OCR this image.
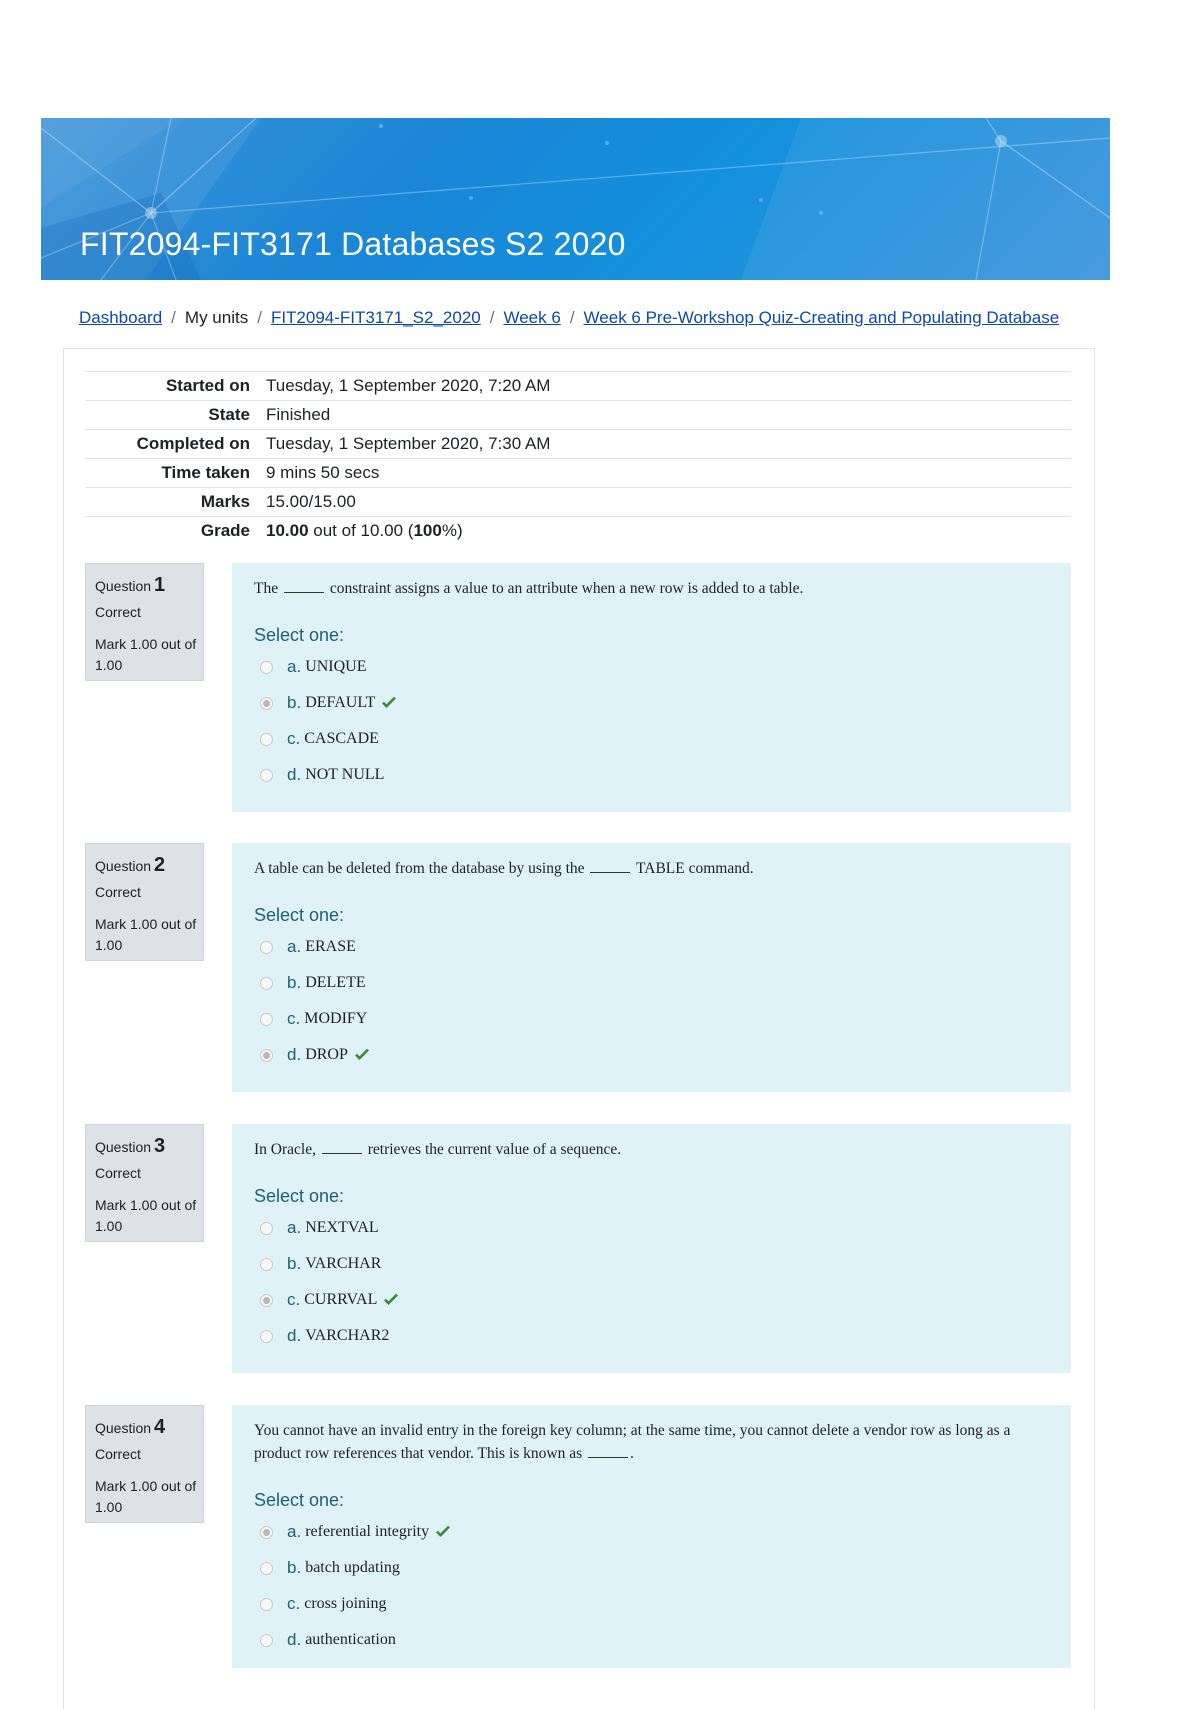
FIT2094-FIT3171 Databases S2 2020
Dashboard / My units / FIT2094-FIT3171_S2_2020 / Week 6 / Week 6 Pre-Workshop Quiz-Creating and Populating Database
Started on	Tuesday, 1 September 2020, 7:20 AM
State	Finished
Completed on	Tuesday, 1 September 2020, 7:30 AM
Time taken	9 mins 50 secs
Marks	15.00/15.00
Grade	10.00 out of 10.00 (100%)
Question 1
Correct
Mark 1.00 out of 1.00
The	constraint assigns a value to an attribute when a new row is added to a table.
Select one:
a. UNIQUE
b. DEFAULT
c. CASCADE
d. NOT NULL
Question 2
Correct
Mark 1.00 out of 1.00
A table can be deleted from the database by using the	TABLE command.
Select one:
a. ERASE
b. DELETE
c. MODIFY
d. DROP
Question 3
Correct
Mark 1.00 out of 1.00
In Oracle,	retrieves the current value of a sequence.
Select one:
a. NEXTVAL
b. VARCHAR
c. CURRVAL
d. VARCHAR2
Question 4
Correct
Mark 1.00 out of 1.00
You cannot have an invalid entry in the foreign key column; at the same time, you cannot delete a vendor row as long as a product row references that vendor. This is known as	.
Select one:
a. referential integrity
b. batch updating
c. cross joining
d. authentication
